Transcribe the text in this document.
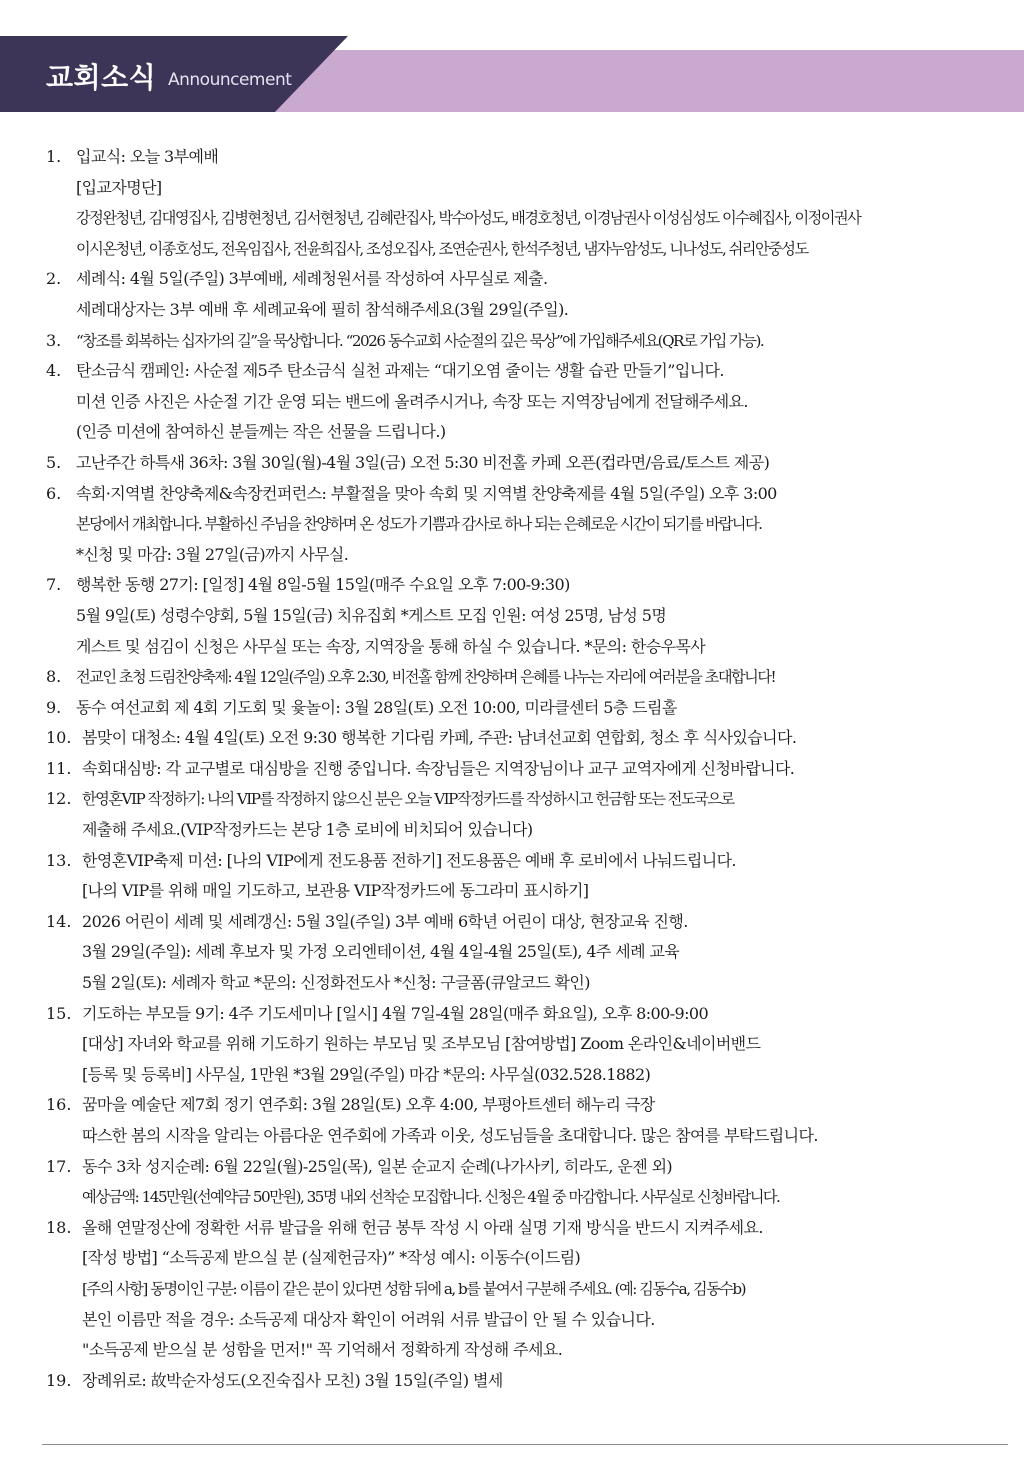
교회소식 Announcement
1. 입교식: 오늘 3부예배
[입교자명단]
강정완청년, 김대영집사, 김병현청년, 김서현청년, 김혜란집사, 박수아성도, 배경호청년, 이경남권사 이성심성도 이수혜집사, 이정이권사
이시온청년, 이종호성도, 전옥임집사, 전윤희집사, 조성오집사, 조연순권사, 한석주청년, 냄자누암성도, 니나성도, 쉬리안중성도
2. 세례식: 4월 5일(주일) 3부예배, 세례청원서를 작성하여 사무실로 제출.
세례대상자는 3부 예배 후 세례교육에 필히 참석해주세요(3월 29일(주일).
3. “창조를 회복하는 십자가의 길”을 묵상합니다. “2026 동수교회 사순절의 깊은 묵상”에 가입해주세요(QR로 가입 가능).
4. 탄소금식 캠페인: 사순절 제5주 탄소금식 실천 과제는 “대기오염 줄이는 생활 습관 만들기”입니다.
미션 인증 사진은 사순절 기간 운영 되는 밴드에 올려주시거나, 속장 또는 지역장님에게 전달해주세요.
(인증 미션에 참여하신 분들께는 작은 선물을 드립니다.)
5. 고난주간 하특새 36차: 3월 30일(월)-4월 3일(금) 오전 5:30 비전홀 카페 오픈(컵라면/음료/토스트 제공)
6. 속회·지역별 찬양축제&속장컨퍼런스: 부활절을 맞아 속회 및 지역별 찬양축제를 4월 5일(주일) 오후 3:00
본당에서 개최합니다. 부활하신 주님을 찬양하며 온 성도가 기쁨과 감사로 하나 되는 은혜로운 시간이 되기를 바랍니다.
*신청 및 마감: 3월 27일(금)까지 사무실.
7. 행복한 동행 27기: [일정] 4월 8일-5월 15일(매주 수요일 오후 7:00-9:30)
5월 9일(토) 성령수양회, 5월 15일(금) 치유집회 *게스트 모집 인원: 여성 25명, 남성 5명
게스트 및 섬김이 신청은 사무실 또는 속장, 지역장을 통해 하실 수 있습니다. *문의: 한승우목사
8. 전교인 초청 드림찬양축제: 4월 12일(주일) 오후 2:30, 비전홀 함께 찬양하며 은혜를 나누는 자리에 여러분을 초대합니다!
9. 동수 여선교회 제 4회 기도회 및 윷놀이: 3월 28일(토) 오전 10:00, 미라클센터 5층 드림홀
10. 봄맞이 대청소: 4월 4일(토) 오전 9:30 행복한 기다림 카페, 주관: 남녀선교회 연합회, 청소 후 식사있습니다.
11. 속회대심방: 각 교구별로 대심방을 진행 중입니다. 속장님들은 지역장님이나 교구 교역자에게 신청바랍니다.
12. 한영혼VIP 작정하기: 나의 VIP를 작정하지 않으신 분은 오늘 VIP작정카드를 작성하시고 헌금함 또는 전도국으로
제출해 주세요.(VIP작정카드는 본당 1층 로비에 비치되어 있습니다)
13. 한영혼VIP축제 미션: [나의 VIP에게 전도용품 전하기] 전도용품은 예배 후 로비에서 나눠드립니다.
[나의 VIP를 위해 매일 기도하고, 보관용 VIP작정카드에 동그라미 표시하기]
14. 2026 어린이 세례 및 세례갱신: 5월 3일(주일) 3부 예배 6학년 어린이 대상, 현장교육 진행.
3월 29일(주일): 세례 후보자 및 가정 오리엔테이션, 4월 4일-4월 25일(토), 4주 세례 교육
5월 2일(토): 세례자 학교 *문의: 신정화전도사 *신청: 구글폼(큐알코드 확인)
15. 기도하는 부모들 9기: 4주 기도세미나 [일시] 4월 7일-4월 28일(매주 화요일), 오후 8:00-9:00
[대상] 자녀와 학교를 위해 기도하기 원하는 부모님 및 조부모님 [참여방법] Zoom 온라인&네이버밴드
[등록 및 등록비] 사무실, 1만원 *3월 29일(주일) 마감 *문의: 사무실(032.528.1882)
16. 꿈마을 예술단 제7회 정기 연주회: 3월 28일(토) 오후 4:00, 부평아트센터 해누리 극장
따스한 봄의 시작을 알리는 아름다운 연주회에 가족과 이웃, 성도님들을 초대합니다. 많은 참여를 부탁드립니다.
17. 동수 3차 성지순례: 6월 22일(월)-25일(목), 일본 순교지 순례(나가사키, 히라도, 운젠 외)
예상금액: 145만원(선예약금 50만원), 35명 내외 선착순 모집합니다. 신청은 4월 중 마감합니다. 사무실로 신청바랍니다.
18. 올해 연말정산에 정확한 서류 발급을 위해 헌금 봉투 작성 시 아래 실명 기재 방식을 반드시 지켜주세요.
[작성 방법] “소득공제 받으실 분 (실제헌금자)” *작성 예시: 이동수(이드림)
[주의 사항] 동명이인 구분: 이름이 같은 분이 있다면 성함 뒤에 a, b를 붙여서 구분해 주세요. (예: 김동수a, 김동수b)
본인 이름만 적을 경우: 소득공제 대상자 확인이 어려워 서류 발급이 안 될 수 있습니다.
"소득공제 받으실 분 성함을 먼저!" 꼭 기억해서 정확하게 작성해 주세요.
19. 장례위로: 故박순자성도(오진숙집사 모친) 3월 15일(주일) 별세
